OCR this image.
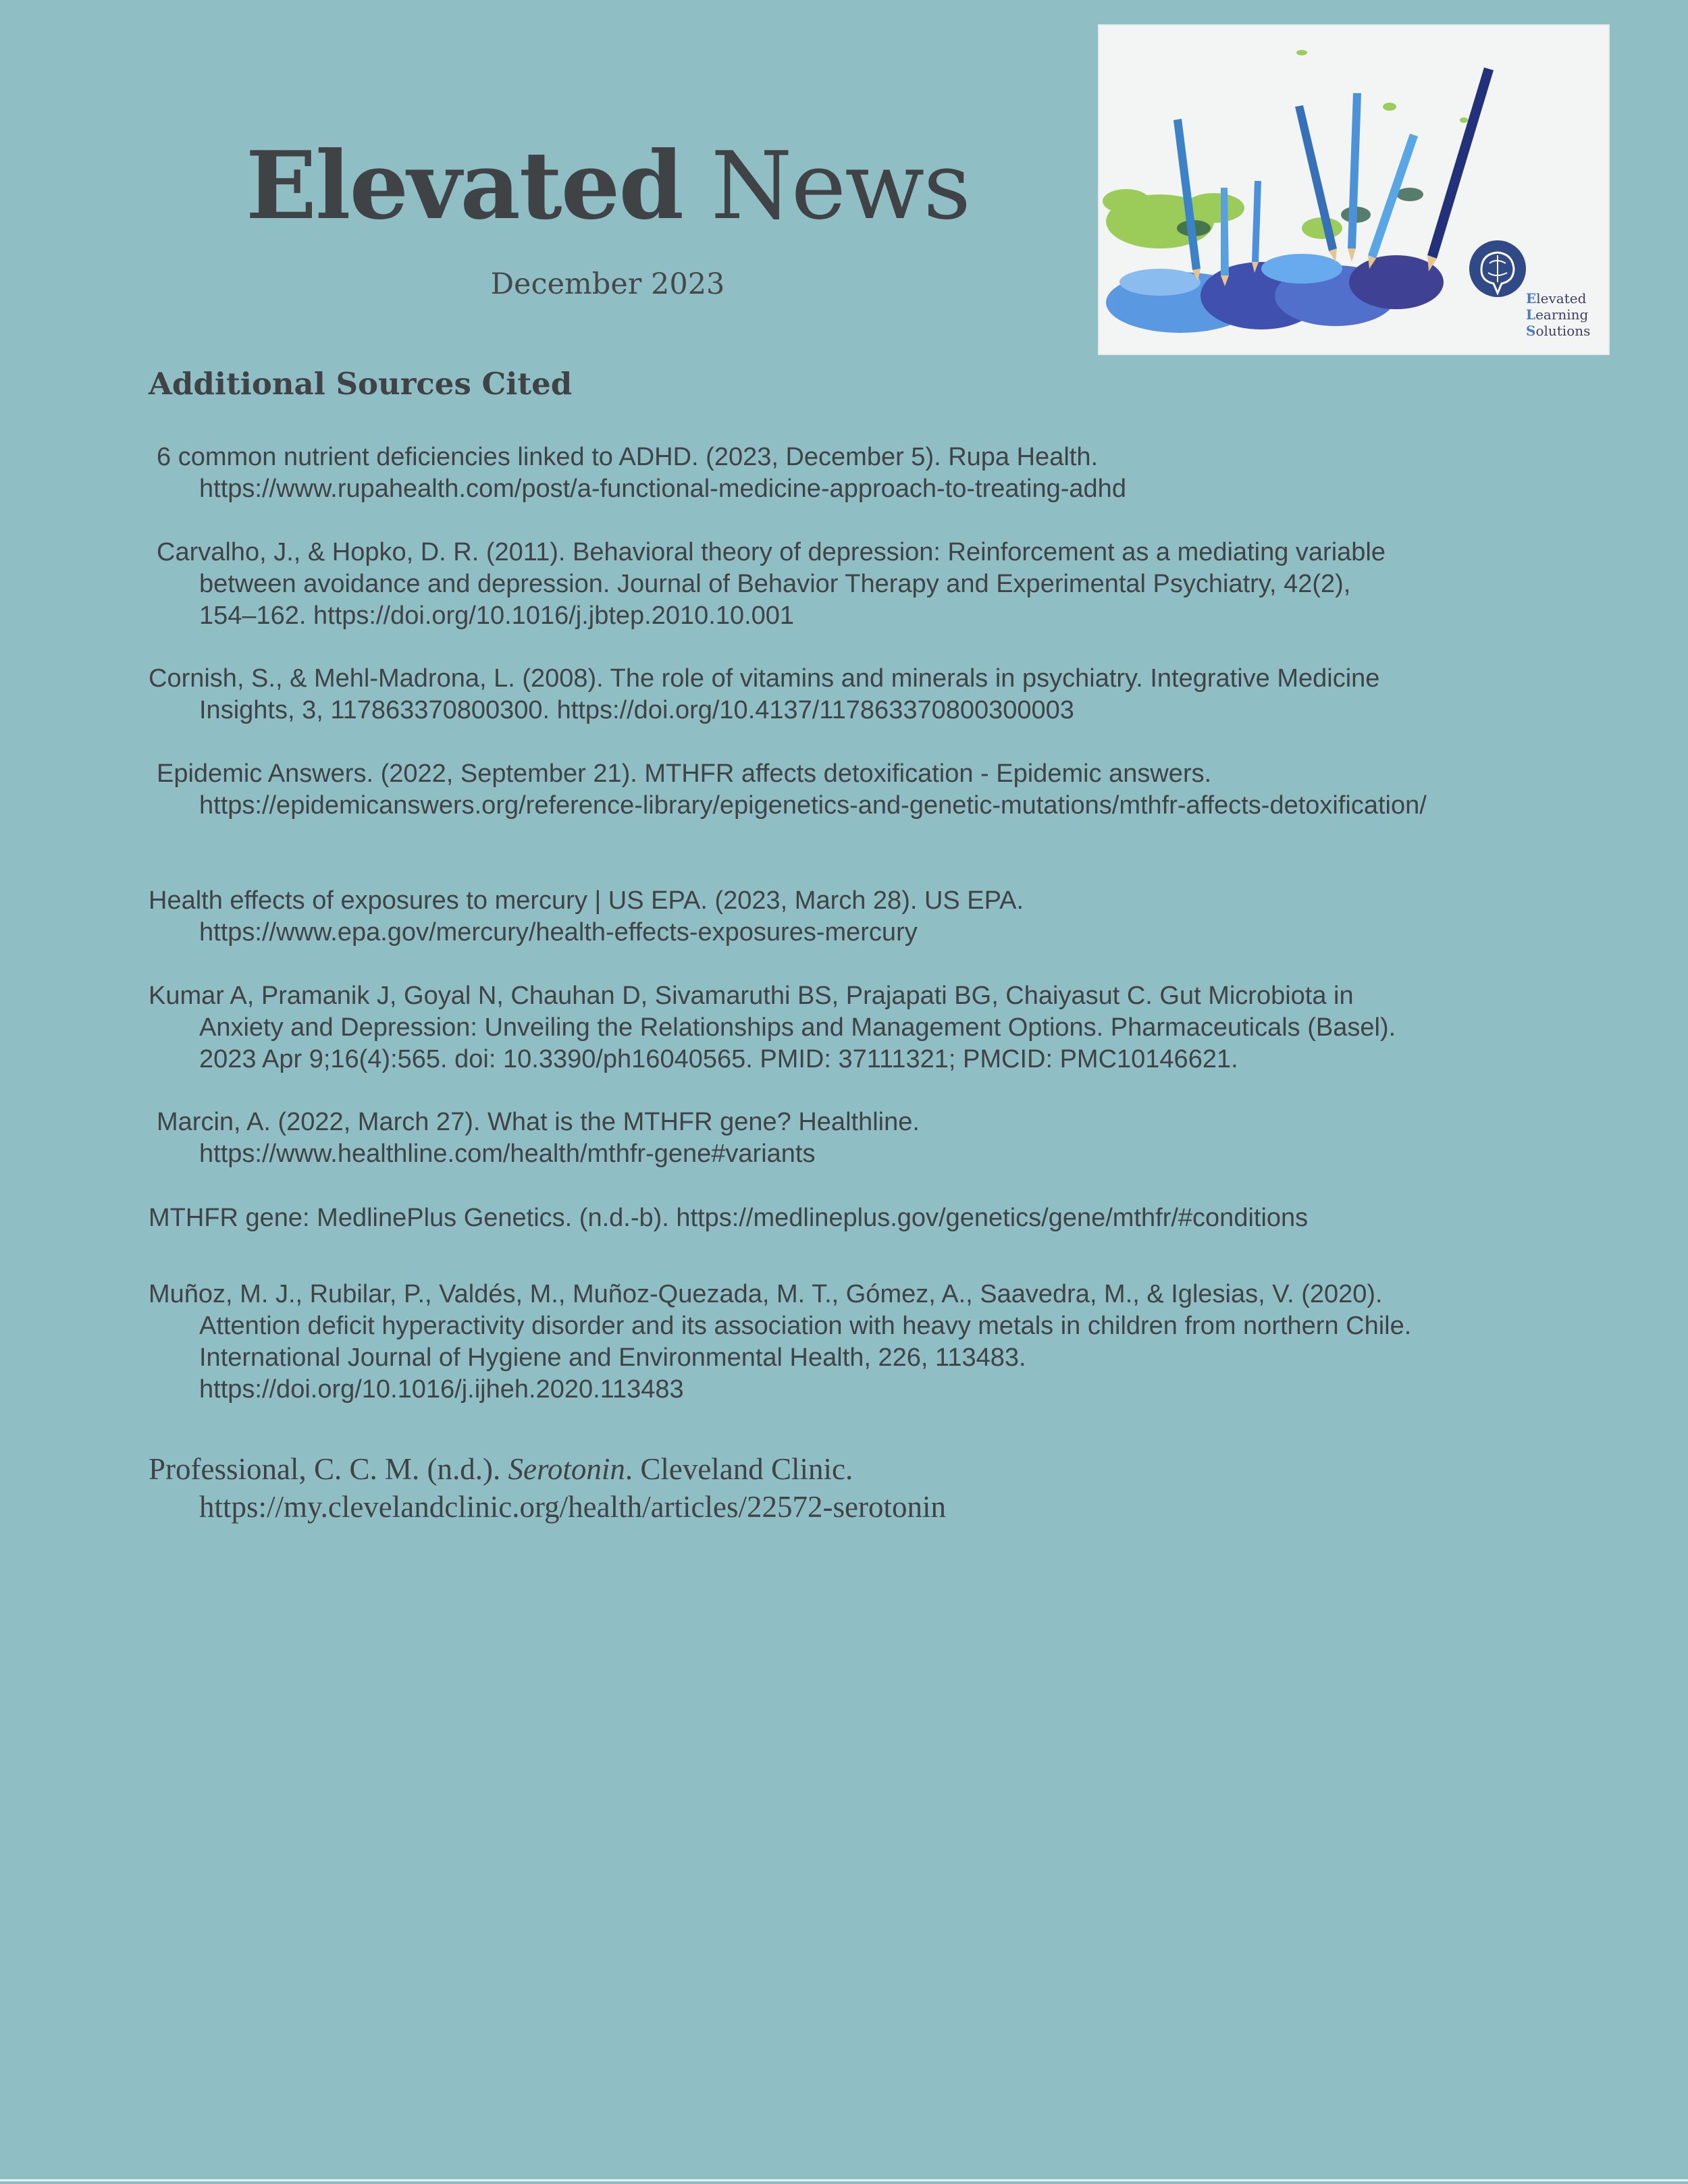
Elevated News
December 2023	Elevated
Learning
Solutions
Additional Sources Cited

6 common nutrient deficiencies linked to ADHD. (2023, December 5). Rupa Health.
https://www.rupahealth.com/post/a-functional-medicine-approach-to-treating-adhd

Carvalho, J., & Hopko, D. R. (2011). Behavioral theory of depression: Reinforcement as a mediating variable
between avoidance and depression. Journal of Behavior Therapy and Experimental Psychiatry, 42(2),
154–162. https://doi.org/10.1016/j.jbtep.2010.10.001

Cornish, S., & Mehl-Madrona, L. (2008). The role of vitamins and minerals in psychiatry. Integrative Medicine
Insights, 3, 117863370800300. https://doi.org/10.4137/117863370800300003

Epidemic Answers. (2022, September 21). MTHFR affects detoxification - Epidemic answers.
https://epidemicanswers.org/reference-library/epigenetics-and-genetic-mutations/mthfr-affects-detoxification/

Health effects of exposures to mercury | US EPA. (2023, March 28). US EPA.
https://www.epa.gov/mercury/health-effects-exposures-mercury

Kumar A, Pramanik J, Goyal N, Chauhan D, Sivamaruthi BS, Prajapati BG, Chaiyasut C. Gut Microbiota in
Anxiety and Depression: Unveiling the Relationships and Management Options. Pharmaceuticals (Basel).
2023 Apr 9;16(4):565. doi: 10.3390/ph16040565. PMID: 37111321; PMCID: PMC10146621.

Marcin, A. (2022, March 27). What is the MTHFR gene? Healthline.
https://www.healthline.com/health/mthfr-gene#variants

MTHFR gene: MedlinePlus Genetics. (n.d.-b). https://medlineplus.gov/genetics/gene/mthfr/#conditions

Muñoz, M. J., Rubilar, P., Valdés, M., Muñoz-Quezada, M. T., Gómez, A., Saavedra, M., & Iglesias, V. (2020).
Attention deficit hyperactivity disorder and its association with heavy metals in children from northern Chile.
International Journal of Hygiene and Environmental Health, 226, 113483.
https://doi.org/10.1016/j.ijheh.2020.113483

Professional, C. C. M. (n.d.). Serotonin. Cleveland Clinic.
https://my.clevelandclinic.org/health/articles/22572-serotonin
